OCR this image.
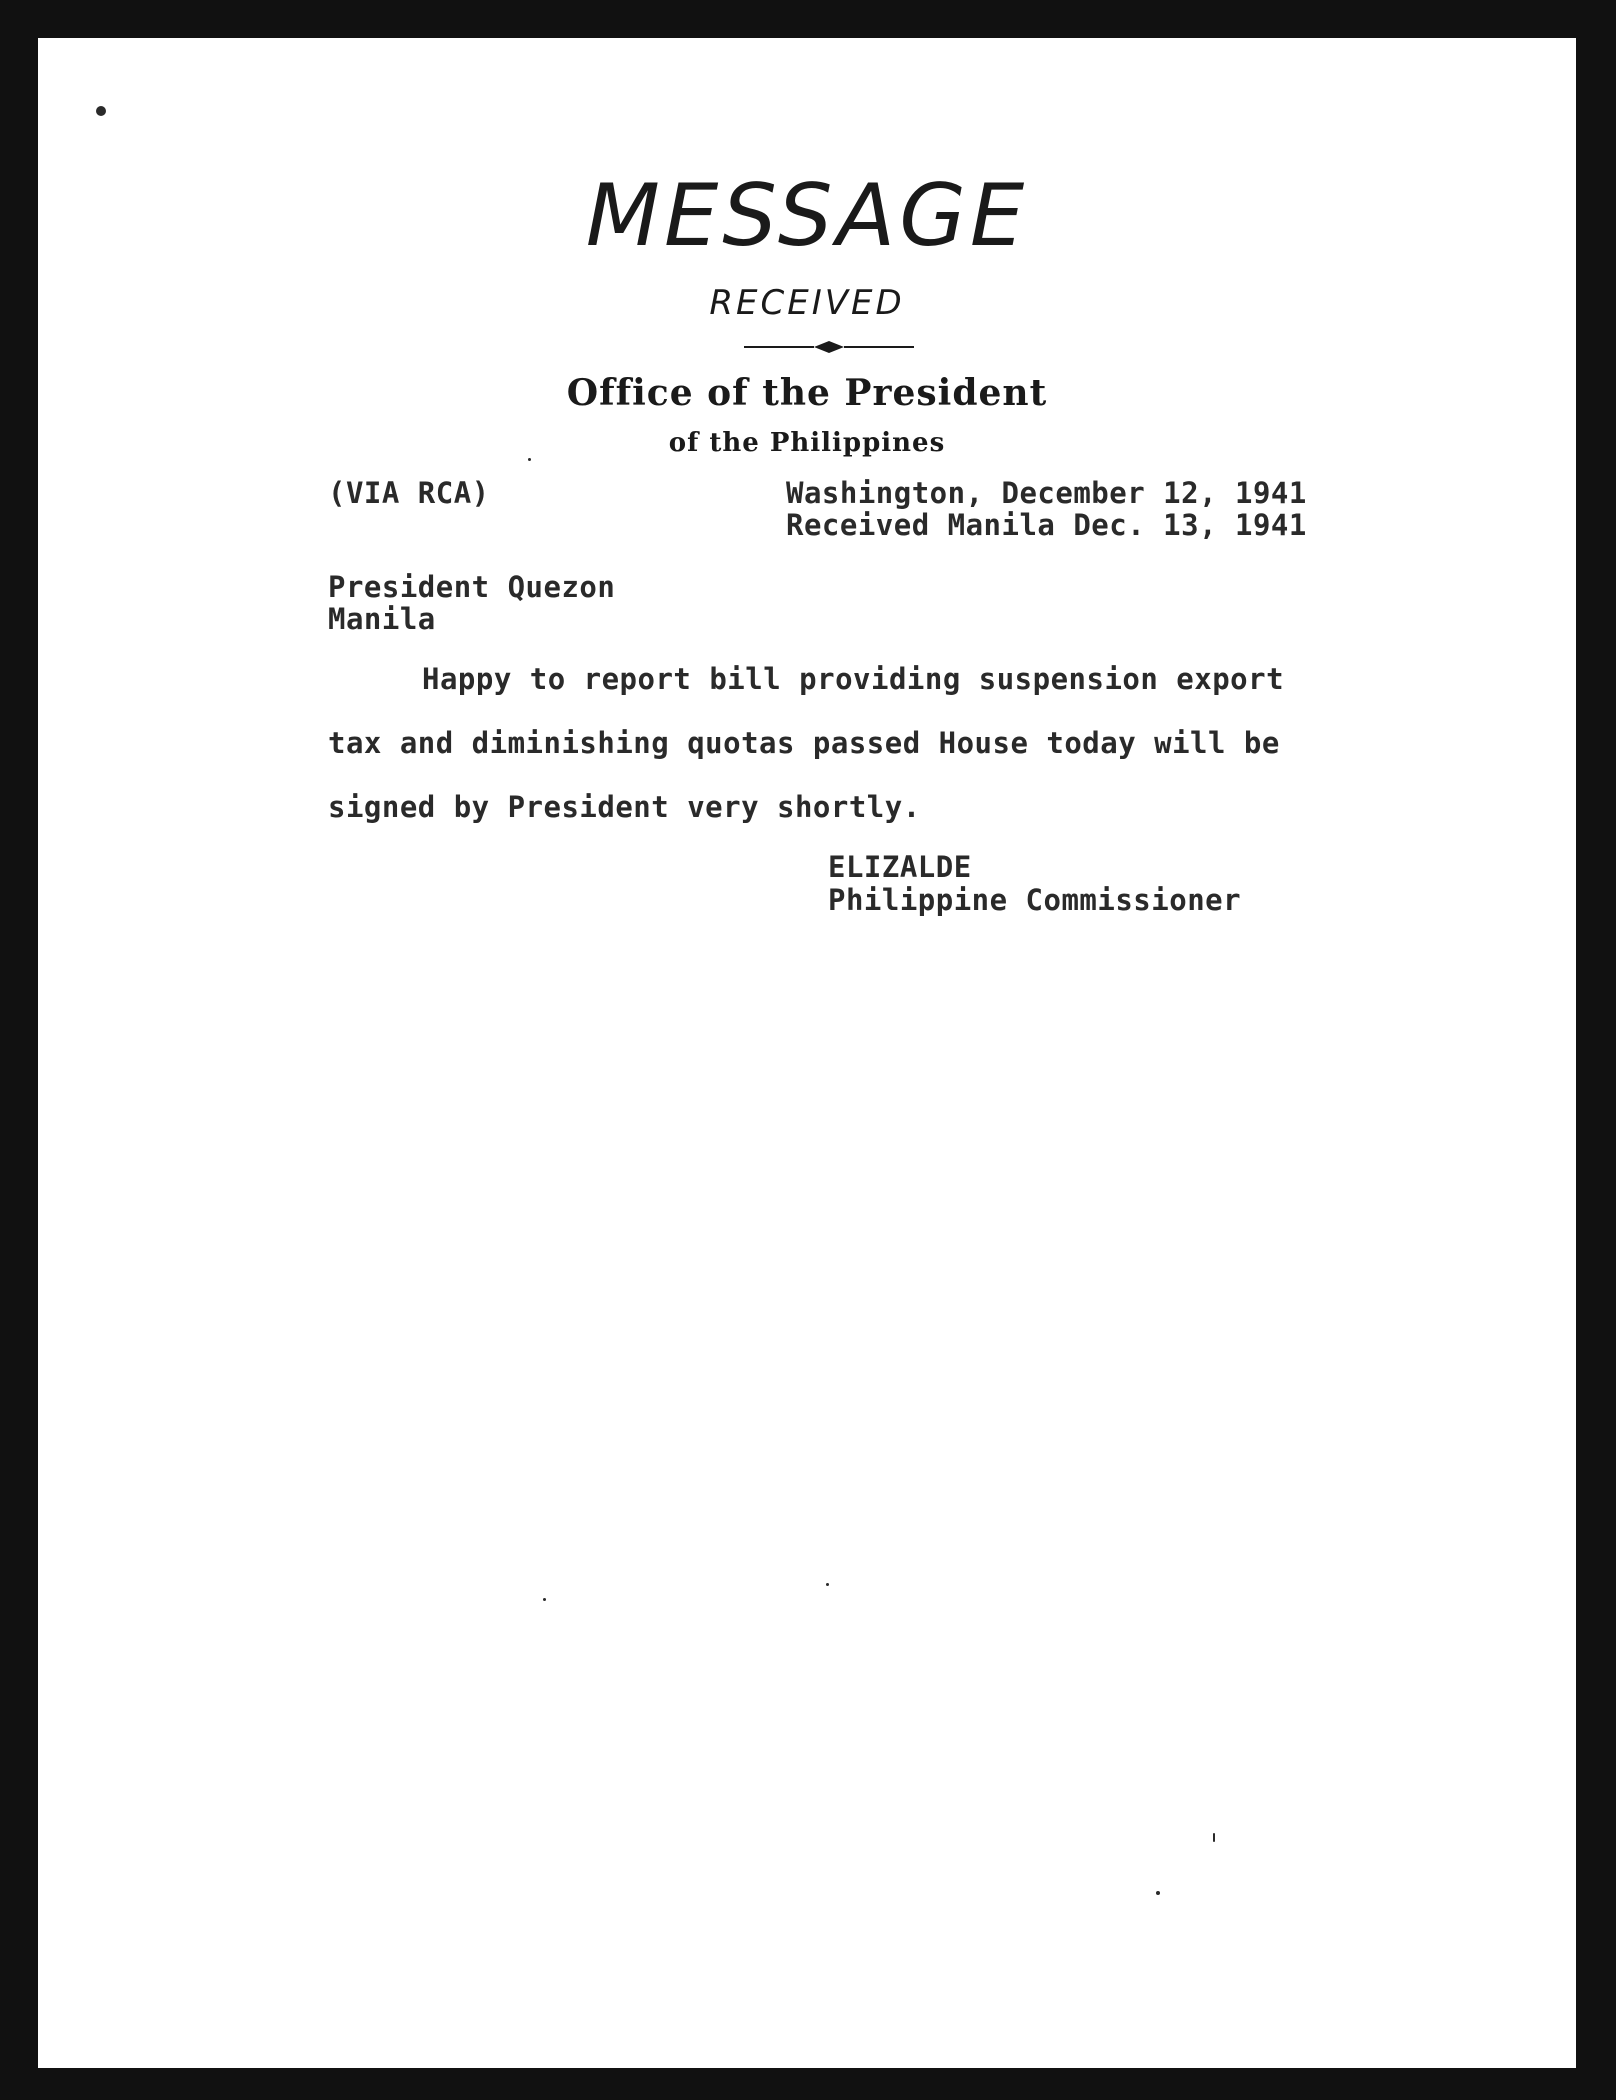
MESSAGE
RECEIVED
Office of the President
of the Philippines
(VIA RCA)	Washington, December 12, 1941
Received Manila Dec. 13, 1941
President Quezon
Manila
Happy to report bill providing suspension export
tax and diminishing quotas passed House today will be
signed by President very shortly.
ELIZALDE
Philippine Commissioner
